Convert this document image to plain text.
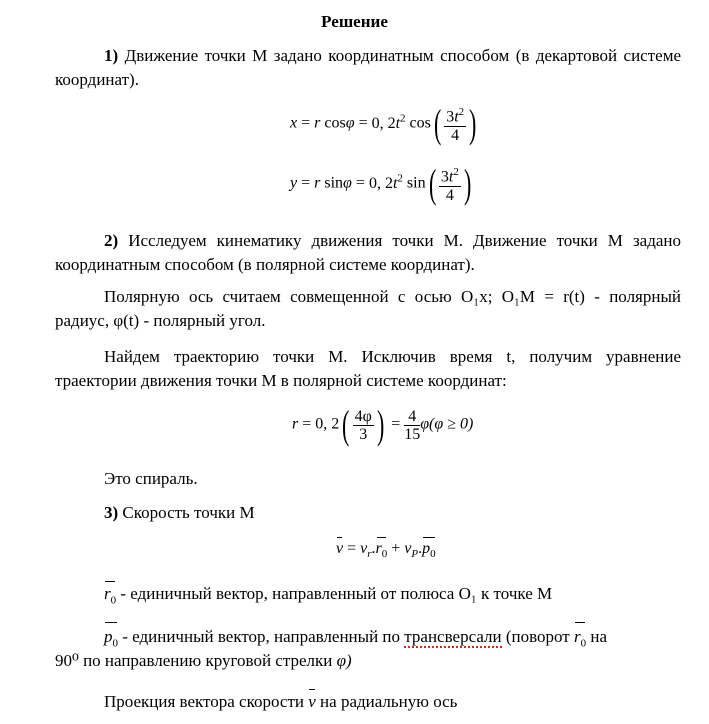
Решение
1) Движение точки М задано координатным способом (в декартовой системе координат).
x = r cosφ = 0, $2t^2$ $\cos( \frac{3t^2}{4}$ )
y = r sinφ = 0, $2t^2$ $\sin( \frac{3t^2}{4}$ )
2) Исследуем кинематику движения точки М. Движение точки М задано координатным способом (в полярной системе координат).
Полярную ось считаем совмещенной с осью O₁x; O₁M = r(t) - полярный радиус, φ(t) - полярный угол.
Найдем траекторию точки М. Исключив время t, получим уравнение траектории движения точки М в полярной системе координат:
r = 0, $2( \frac{4\varphi}{3}$ ) = $\frac{4}{15} \varphi(\varphi \ge 0)$
Это спираль.
3) Скорость точки М
$v = v_r.r_0 + v_P.p_0$
$r_0$ - единичный вектор, направленный от полюса О₁ к точке М
$p_0$ - единичный вектор, направленный по трансверсали (поворот $r_0$ на
90⁰ по направлению круговой стрелки φ)
Проекция вектора скорости v на радиальную ось
